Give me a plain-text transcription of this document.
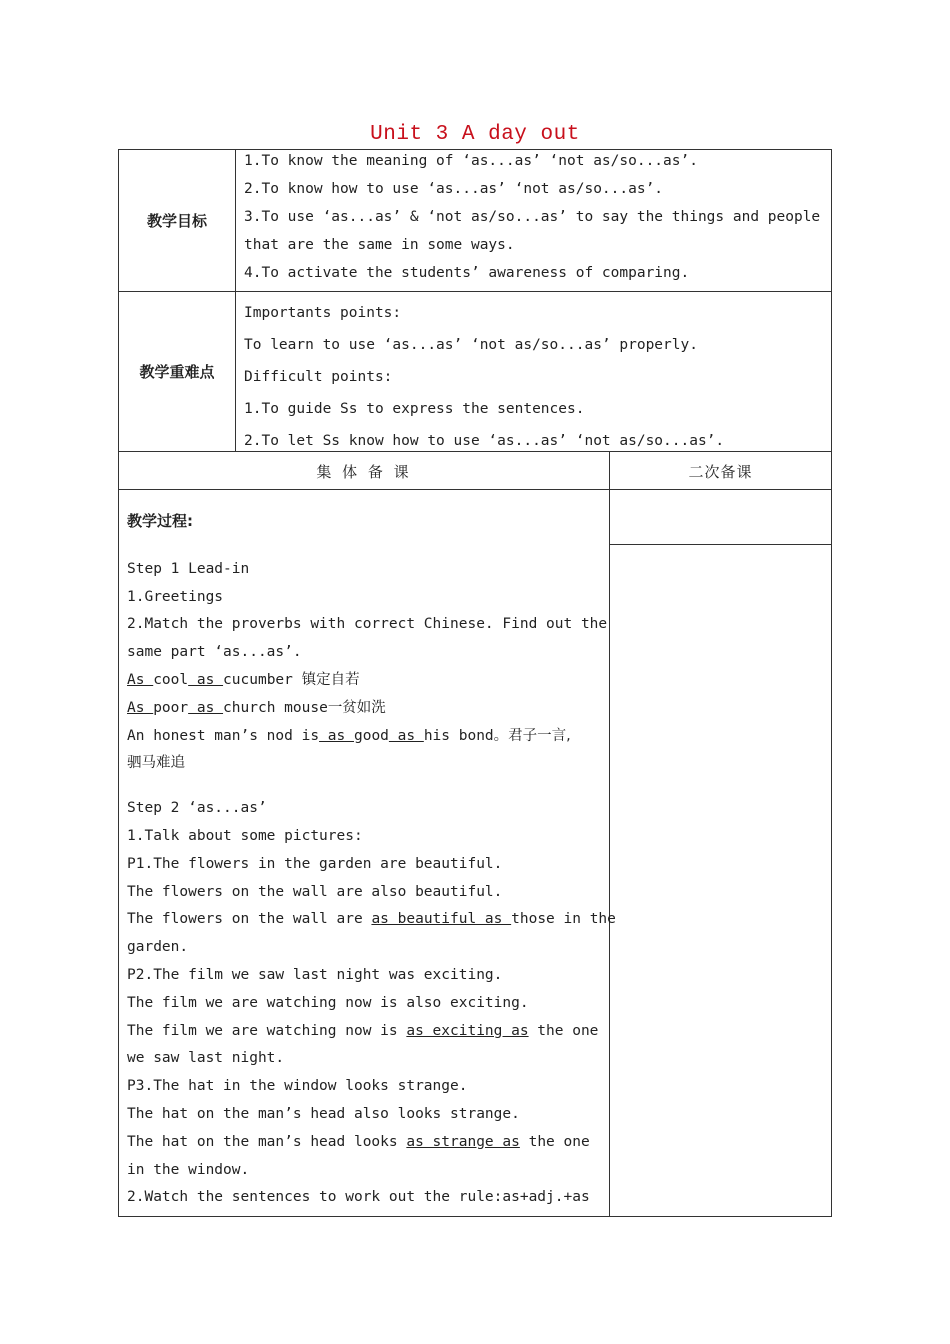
Unit 3 A day out
教学目标
1.To know the meaning of ‘as...as’ ‘not as/so...as’.
2.To know how to use ‘as...as’ ‘not as/so...as’.
3.To use ‘as...as’ & ‘not as/so...as’ to say the things and people
that are the same in some ways.
4.To activate the students’ awareness of comparing.
教学重难点
Importants points:
To learn to use ‘as...as’ ‘not as/so...as’ properly.
Difficult points:
1.To guide Ss to express the sentences.
2.To let Ss know how to use ‘as...as’ ‘not as/so...as’.
集 体 备 课	二次备课
教学过程:
Step 1 Lead-in
1.Greetings
2.Match the proverbs with correct Chinese. Find out the
same part ‘as...as’.
As cool as cucumber 镇定自若
As poor as church mouse一贫如洗
An honest man’s nod is as good as his bond。君子一言,
驷马难追
Step 2 ‘as...as’
1.Talk about some pictures:
P1.The flowers in the garden are beautiful.
The flowers on the wall are also beautiful.
The flowers on the wall are as beautiful as those in the
garden.
P2.The film we saw last night was exciting.
The film we are watching now is also exciting.
The film we are watching now is as exciting as the one
we saw last night.
P3.The hat in the window looks strange.
The hat on the man’s head also looks strange.
The hat on the man’s head looks as strange as the one
in the window.
2.Watch the sentences to work out the rule:as+adj.+as
